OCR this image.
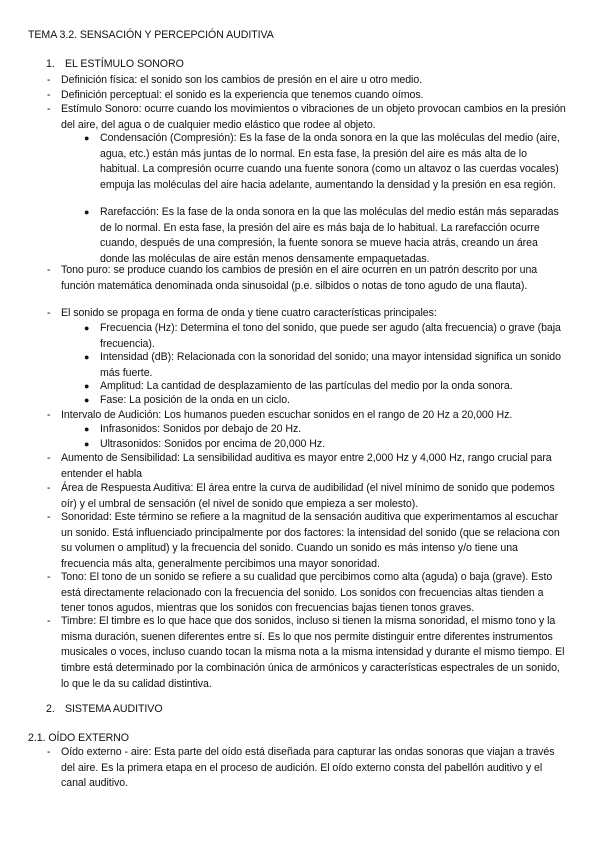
TEMA 3.2. SENSACIÓN Y PERCEPCIÓN AUDITIVA
1. EL ESTÍMULO SONORO
- Definición física: el sonido son los cambios de presión en el aire u otro medio.
- Definición perceptual: el sonido es la experiencia que tenemos cuando oímos.
- Estímulo Sonoro: ocurre cuando los movimientos o vibraciones de un objeto provocan cambios en la presión del aire, del agua o de cualquier medio elástico que rodee al objeto.
● Condensación (Compresión): Es la fase de la onda sonora en la que las moléculas del medio (aire, agua, etc.) están más juntas de lo normal. En esta fase, la presión del aire es más alta de lo habitual. La compresión ocurre cuando una fuente sonora (como un altavoz o las cuerdas vocales) empuja las moléculas del aire hacia adelante, aumentando la densidad y la presión en esa región.
● Rarefacción: Es la fase de la onda sonora en la que las moléculas del medio están más separadas de lo normal. En esta fase, la presión del aire es más baja de lo habitual. La rarefacción ocurre cuando, después de una compresión, la fuente sonora se mueve hacia atrás, creando un área donde las moléculas de aire están menos densamente empaquetadas.
- Tono puro: se produce cuando los cambios de presión en el aire ocurren en un patrón descrito por una función matemática denominada onda sinusoidal (p.e. silbidos o notas de tono agudo de una flauta).
- El sonido se propaga en forma de onda y tiene cuatro características principales:
● Frecuencia (Hz): Determina el tono del sonido, que puede ser agudo (alta frecuencia) o grave (baja frecuencia).
● Intensidad (dB): Relacionada con la sonoridad del sonido; una mayor intensidad significa un sonido más fuerte.
● Amplitud: La cantidad de desplazamiento de las partículas del medio por la onda sonora.
● Fase: La posición de la onda en un ciclo.
- Intervalo de Audición: Los humanos pueden escuchar sonidos en el rango de 20 Hz a 20,000 Hz.
● Infrasonidos: Sonidos por debajo de 20 Hz.
● Ultrasonidos: Sonidos por encima de 20,000 Hz.
- Aumento de Sensibilidad: La sensibilidad auditiva es mayor entre 2,000 Hz y 4,000 Hz, rango crucial para entender el habla
- Área de Respuesta Auditiva: El área entre la curva de audibilidad (el nivel mínimo de sonido que podemos oír) y el umbral de sensación (el nivel de sonido que empieza a ser molesto).
- Sonoridad: Este término se refiere a la magnitud de la sensación auditiva que experimentamos al escuchar un sonido. Está influenciado principalmente por dos factores: la intensidad del sonido (que se relaciona con su volumen o amplitud) y la frecuencia del sonido. Cuando un sonido es más intenso y/o tiene una frecuencia más alta, generalmente percibimos una mayor sonoridad.
- Tono: El tono de un sonido se refiere a su cualidad que percibimos como alta (aguda) o baja (grave). Esto está directamente relacionado con la frecuencia del sonido. Los sonidos con frecuencias altas tienden a tener tonos agudos, mientras que los sonidos con frecuencias bajas tienen tonos graves.
- Timbre: El timbre es lo que hace que dos sonidos, incluso si tienen la misma sonoridad, el mismo tono y la misma duración, suenen diferentes entre sí. Es lo que nos permite distinguir entre diferentes instrumentos musicales o voces, incluso cuando tocan la misma nota a la misma intensidad y durante el mismo tiempo. El timbre está determinado por la combinación única de armónicos y características espectrales de un sonido, lo que le da su calidad distintiva.
2. SISTEMA AUDITIVO
2.1. OÍDO EXTERNO
- Oído externo - aire: Esta parte del oído está diseñada para capturar las ondas sonoras que viajan a través del aire. Es la primera etapa en el proceso de audición. El oído externo consta del pabellón auditivo y el canal auditivo.
